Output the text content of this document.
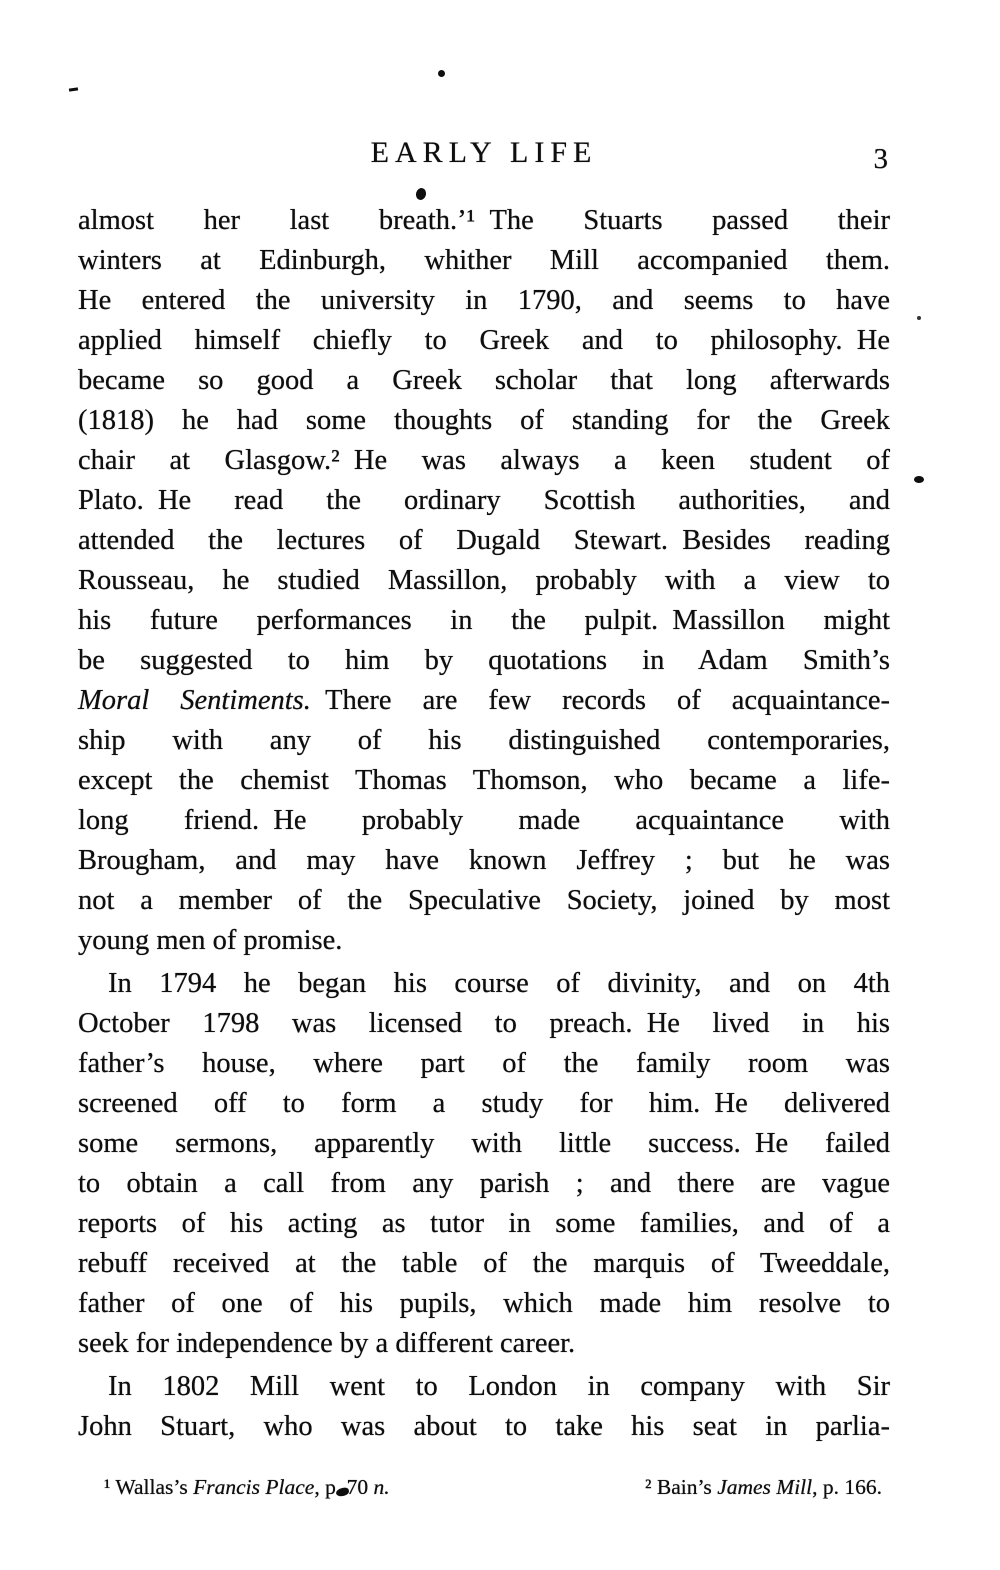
EARLY LIFE	3
almost her last breath.’¹ The Stuarts passed their
winters at Edinburgh, whither Mill accompanied them.
He entered the university in 1790, and seems to have
applied himself chiefly to Greek and to philosophy. He
became so good a Greek scholar that long afterwards
(1818) he had some thoughts of standing for the Greek
chair at Glasgow.² He was always a keen student of
Plato. He read the ordinary Scottish authorities, and
attended the lectures of Dugald Stewart. Besides reading
Rousseau, he studied Massillon, probably with a view to
his future performances in the pulpit. Massillon might
be suggested to him by quotations in Adam Smith’s
Moral Sentiments. There are few records of acquaintance-
ship with any of his distinguished contemporaries,
except the chemist Thomas Thomson, who became a life-
long friend. He probably made acquaintance with
Brougham, and may have known Jeffrey ; but he was
not a member of the Speculative Society, joined by most
young men of promise.
In 1794 he began his course of divinity, and on 4th
October 1798 was licensed to preach. He lived in his
father’s house, where part of the family room was
screened off to form a study for him. He delivered
some sermons, apparently with little success. He failed
to obtain a call from any parish ; and there are vague
reports of his acting as tutor in some families, and of a
rebuff received at the table of the marquis of Tweeddale,
father of one of his pupils, which made him resolve to
seek for independence by a different career.
In 1802 Mill went to London in company with Sir
John Stuart, who was about to take his seat in parlia-
¹ Wallas’s Francis Place, p. 70 n.	² Bain’s James Mill, p. 166.
